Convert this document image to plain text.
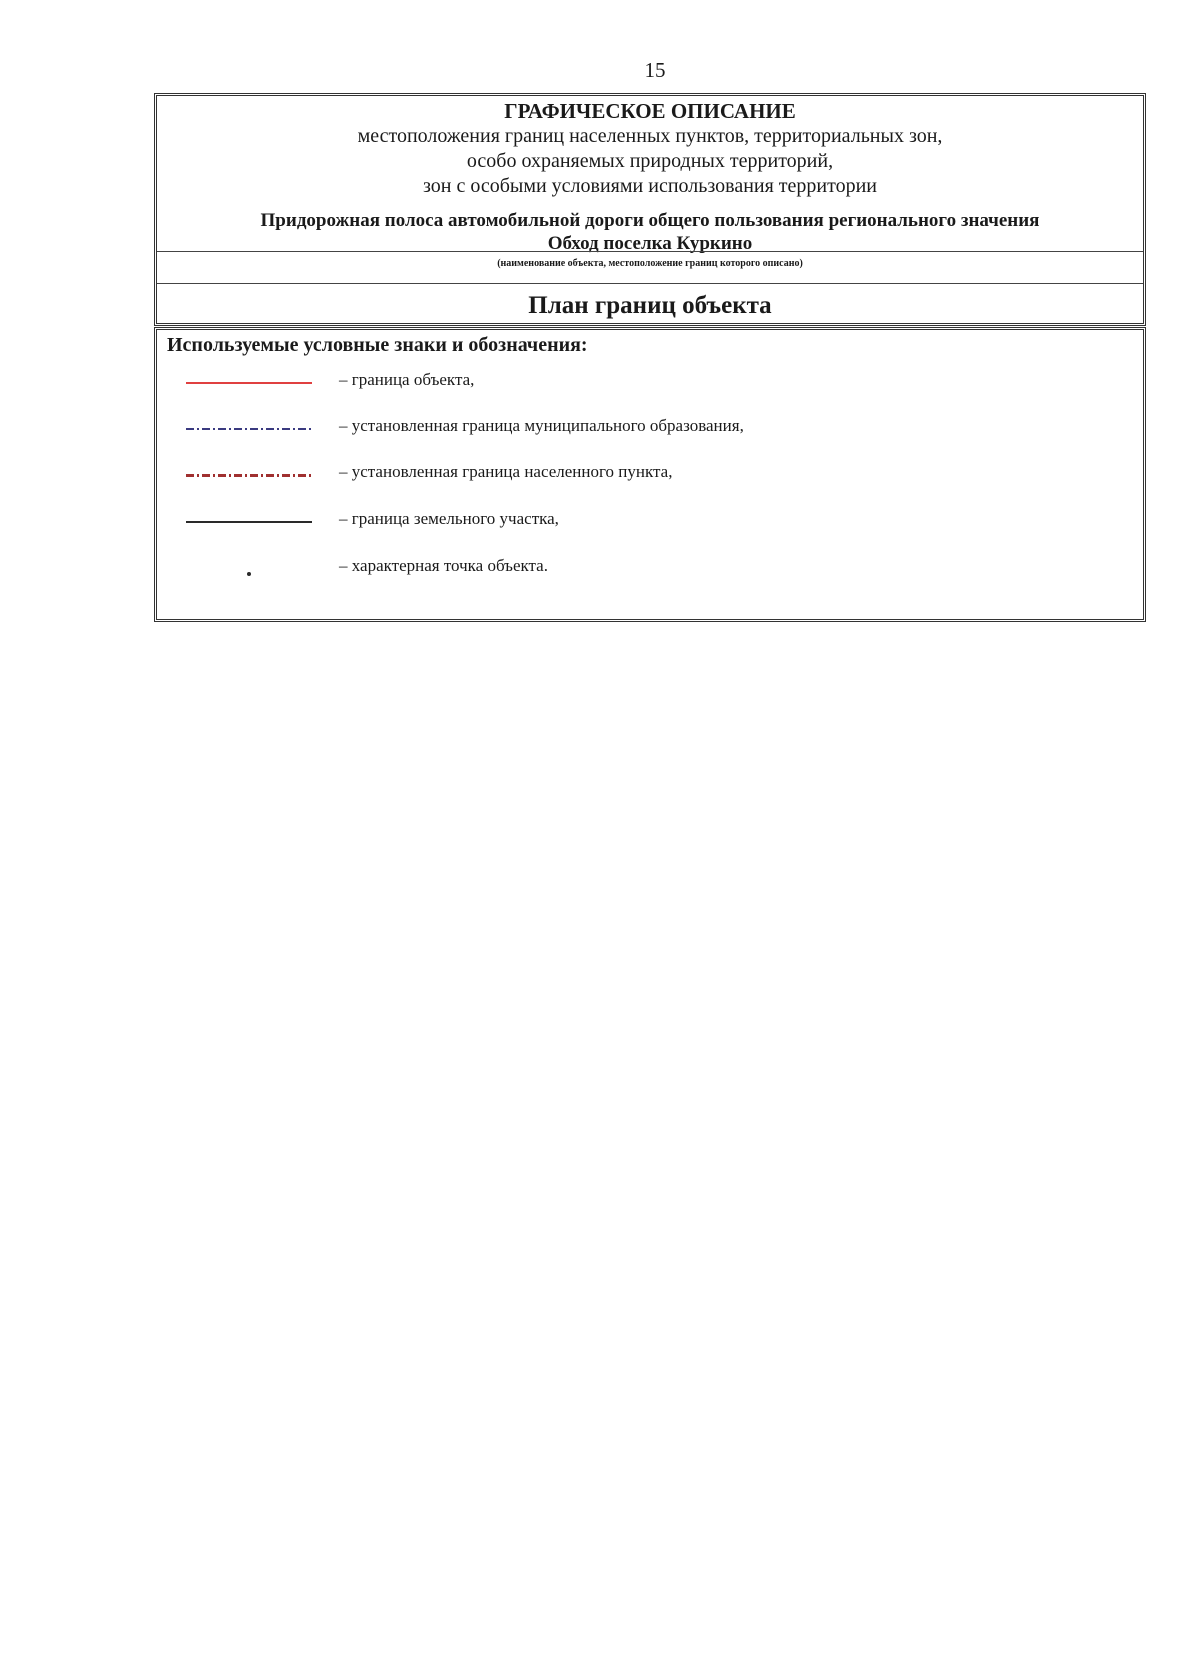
15
ГРАФИЧЕСКОЕ ОПИСАНИЕ
местоположения границ населенных пунктов, территориальных зон,
особо охраняемых природных территорий,
зон с особыми условиями использования территории
Придорожная полоса автомобильной дороги общего пользования регионального значения
Обход поселка Куркино
(наименование объекта, местоположение границ которого описано)
План границ объекта
Используемые условные знаки и обозначения:
– граница объекта,
– установленная граница муниципального образования,
– установленная граница населенного пункта,
– граница земельного участка,
– характерная точка объекта.
